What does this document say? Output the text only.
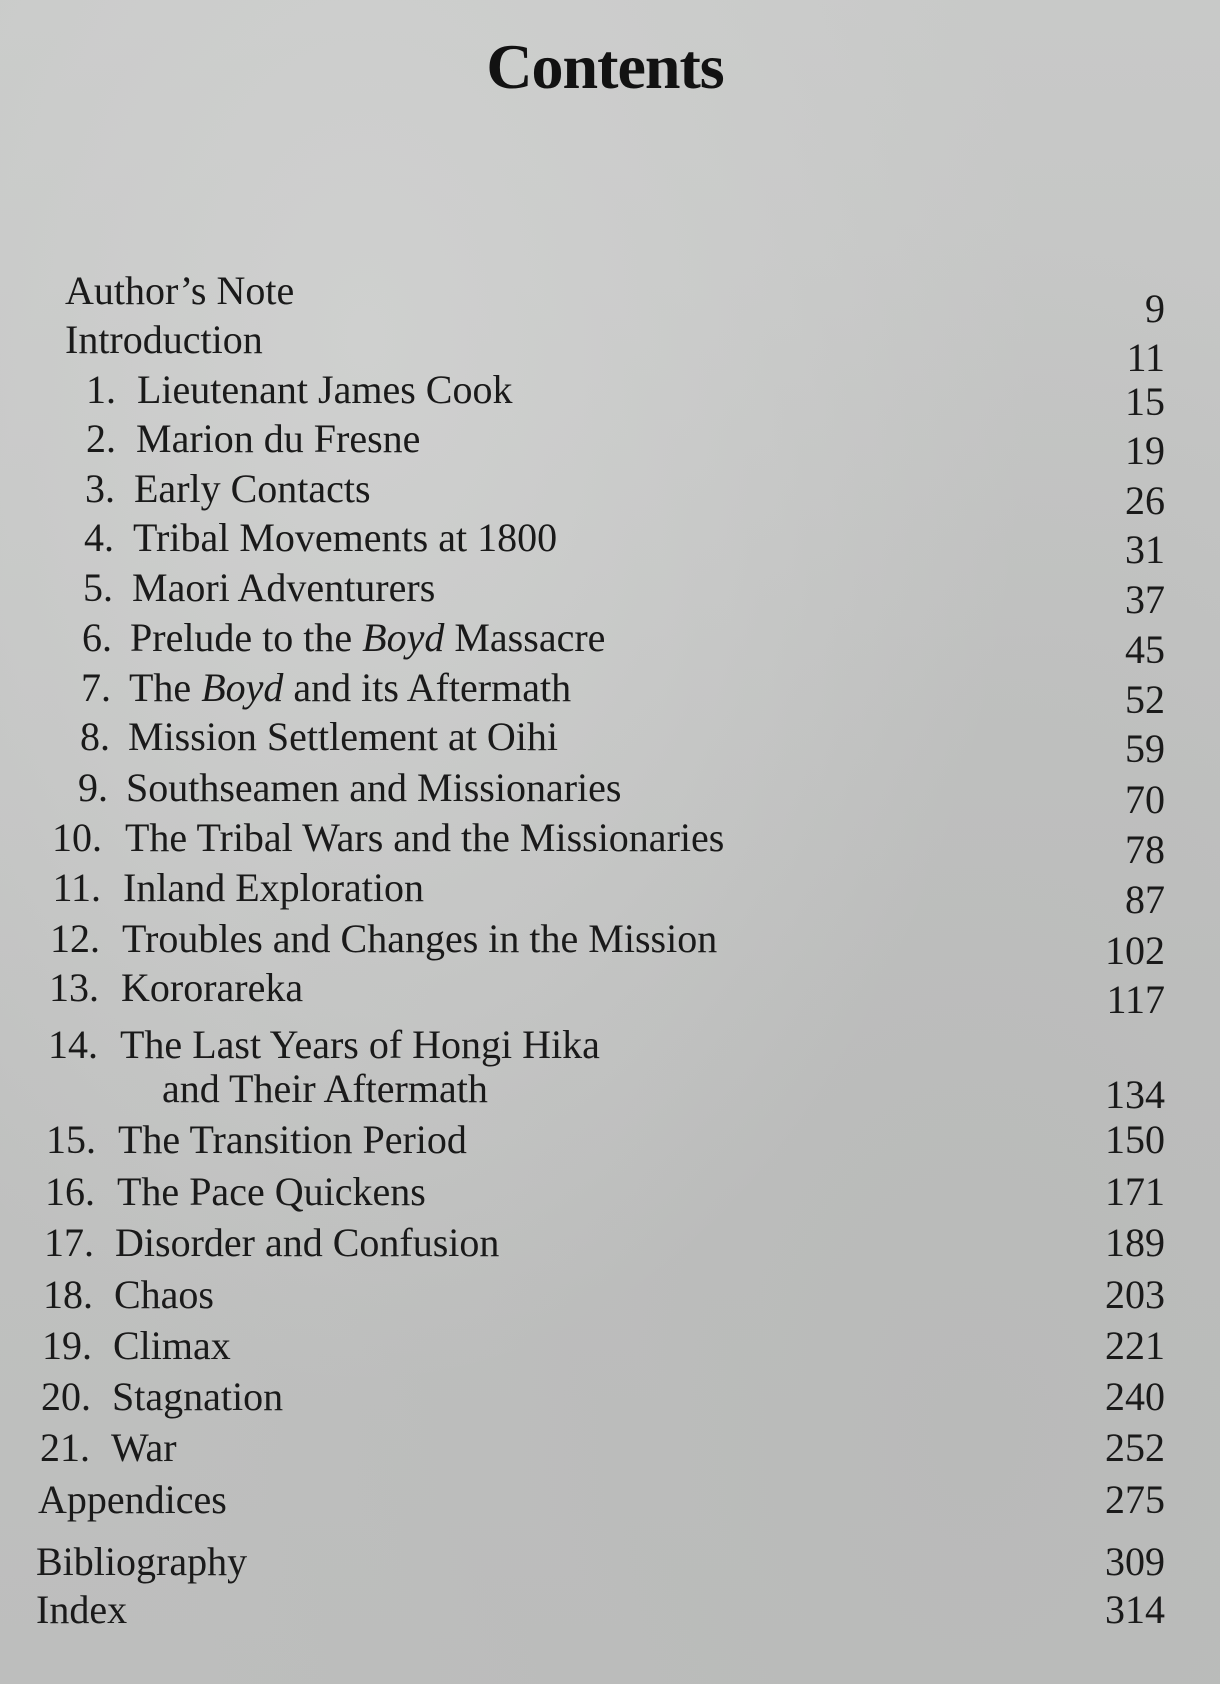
Contents
Author’s Note	9
Introduction	11
1. Lieutenant James Cook	15
2. Marion du Fresne	19
3. Early Contacts	26
4. Tribal Movements at 1800	31
5. Maori Adventurers	37
6. Prelude to the Boyd Massacre	45
7. The Boyd and its Aftermath	52
8. Mission Settlement at Oihi	59
9. Southseamen and Missionaries	70
10. The Tribal Wars and the Missionaries	78
11. Inland Exploration	87
12. Troubles and Changes in the Mission	102
13. Kororareka	117
14. The Last Years of Hongi Hika
and Their Aftermath	134
15. The Transition Period	150
16. The Pace Quickens	171
17. Disorder and Confusion	189
18. Chaos	203
19. Climax	221
20. Stagnation	240
21. War	252
Appendices	275
Bibliography	309
Index	314
